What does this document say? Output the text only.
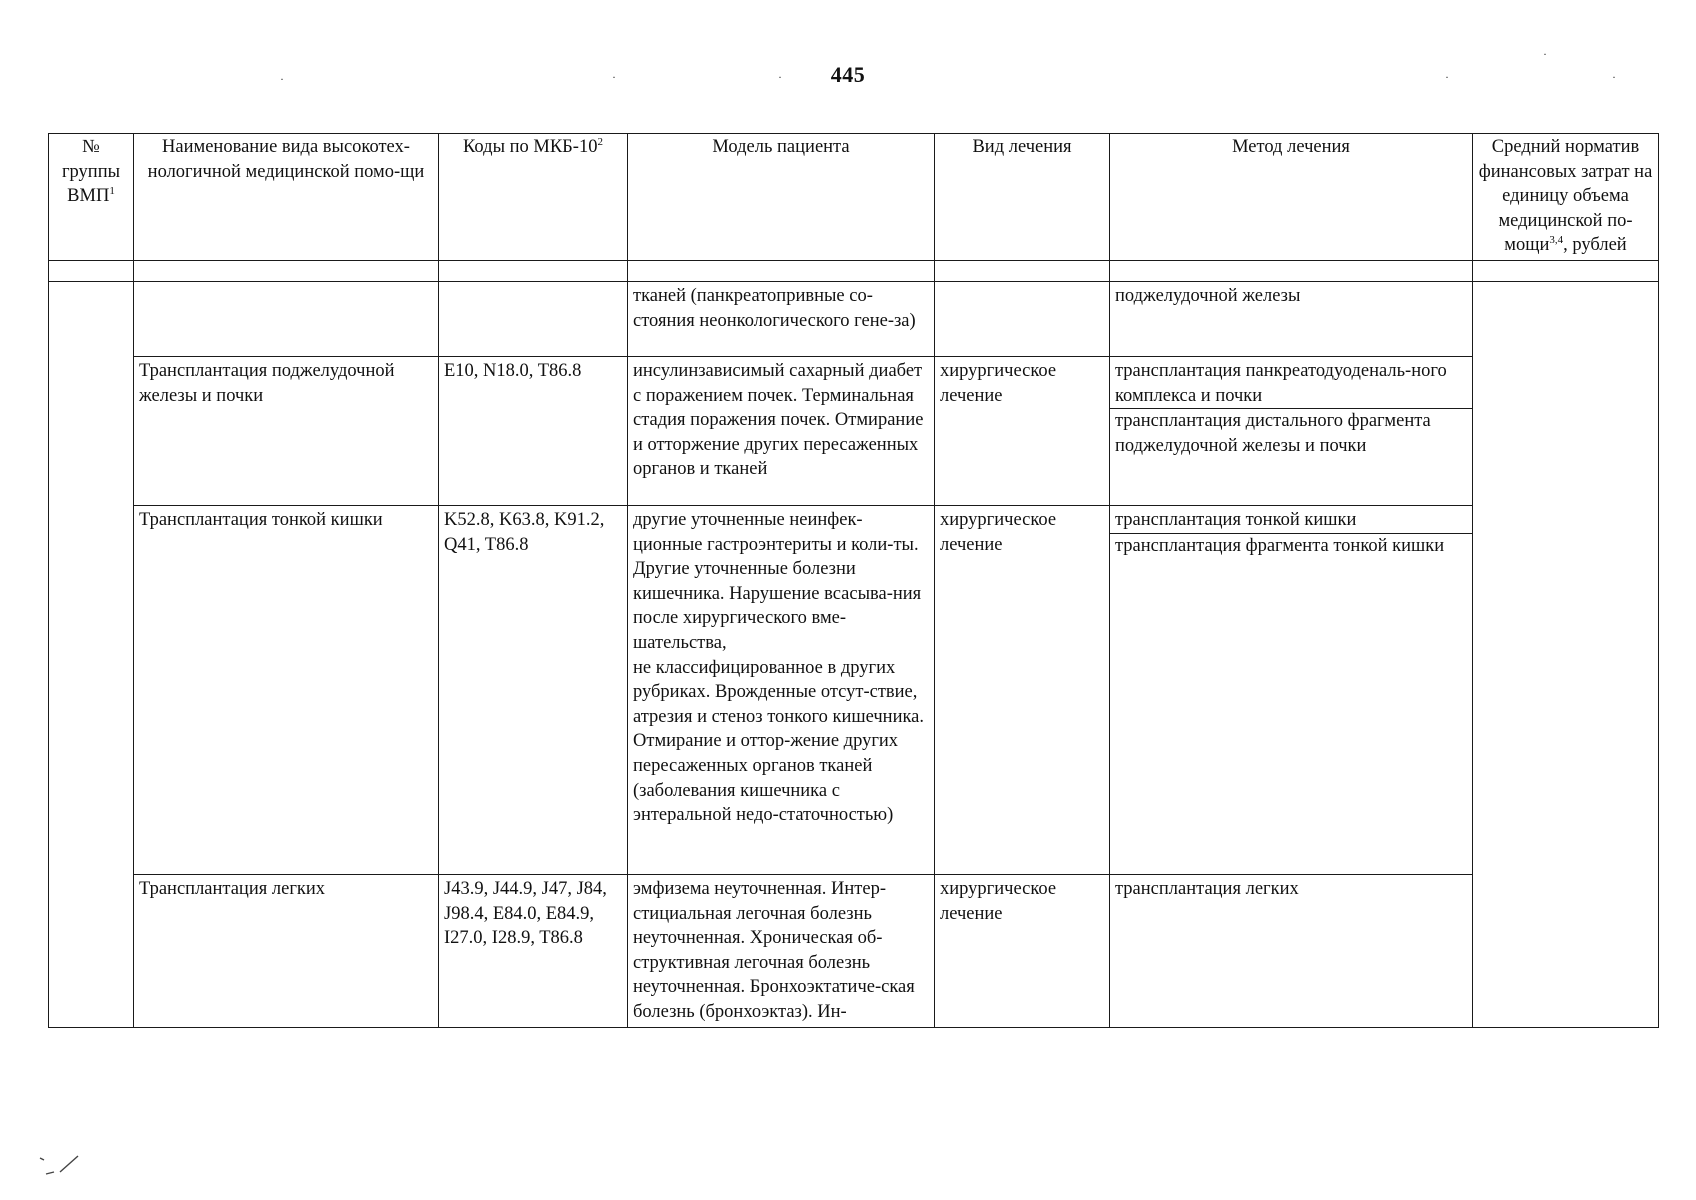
445
·	·	·	·
·
·
№ группы ВМП$^1$	Наименование вида высокотех-нологичной медицинской помо-щи	Коды по МКБ-$10^2$	Модель пациента	Вид лечения	Метод лечения	Средний норматив финансовых затрат на единицу объема медицинской по-мощи$^{3,4}$, рублей

			тканей (панкреатопривные со-стояния неонкологического гене-за)		поджелудочной железы	

	Трансплантация поджелудочной железы и почки	E10, N18.0, T86.8	инсулинзависимый сахарный диабет с поражением почек. Терминальная стадия поражения почек. Отмирание и отторжение других пересаженных органов и тканей	хирургическое лечение	трансплантация панкреатодуоденаль-ного комплекса и почки
трансплантация дистального фрагмента поджелудочной железы и почки	

	Трансплантация тонкой кишки	K52.8, K63.8, K91.2, Q41, T86.8	другие уточненные неинфек-ционные гастроэнтериты и коли-ты. Другие уточненные болезни кишечника. Нарушение всасыва-ния после хирургического вме-шательства,
не классифицированное в других рубриках. Врожденные отсут-ствие, атрезия и стеноз тонкого кишечника. Отмирание и оттор-жение других пересаженных органов тканей (заболевания кишечника с энтеральной недо-статочностью)	хирургическое лечение	трансплантация тонкой кишки
трансплантация фрагмента тонкой кишки	

	Трансплантация легких	J43.9, J44.9, J47, J84, J98.4, E84.0, E84.9, I27.0, I28.9, T86.8	эмфизема неуточненная. Интер-стициальная легочная болезнь неуточненная. Хроническая об-структивная легочная болезнь неуточненная. Бронхоэктатиче-ская болезнь (бронхоэктаз). Ин-	хирургическое лечение	трансплантация легких	
